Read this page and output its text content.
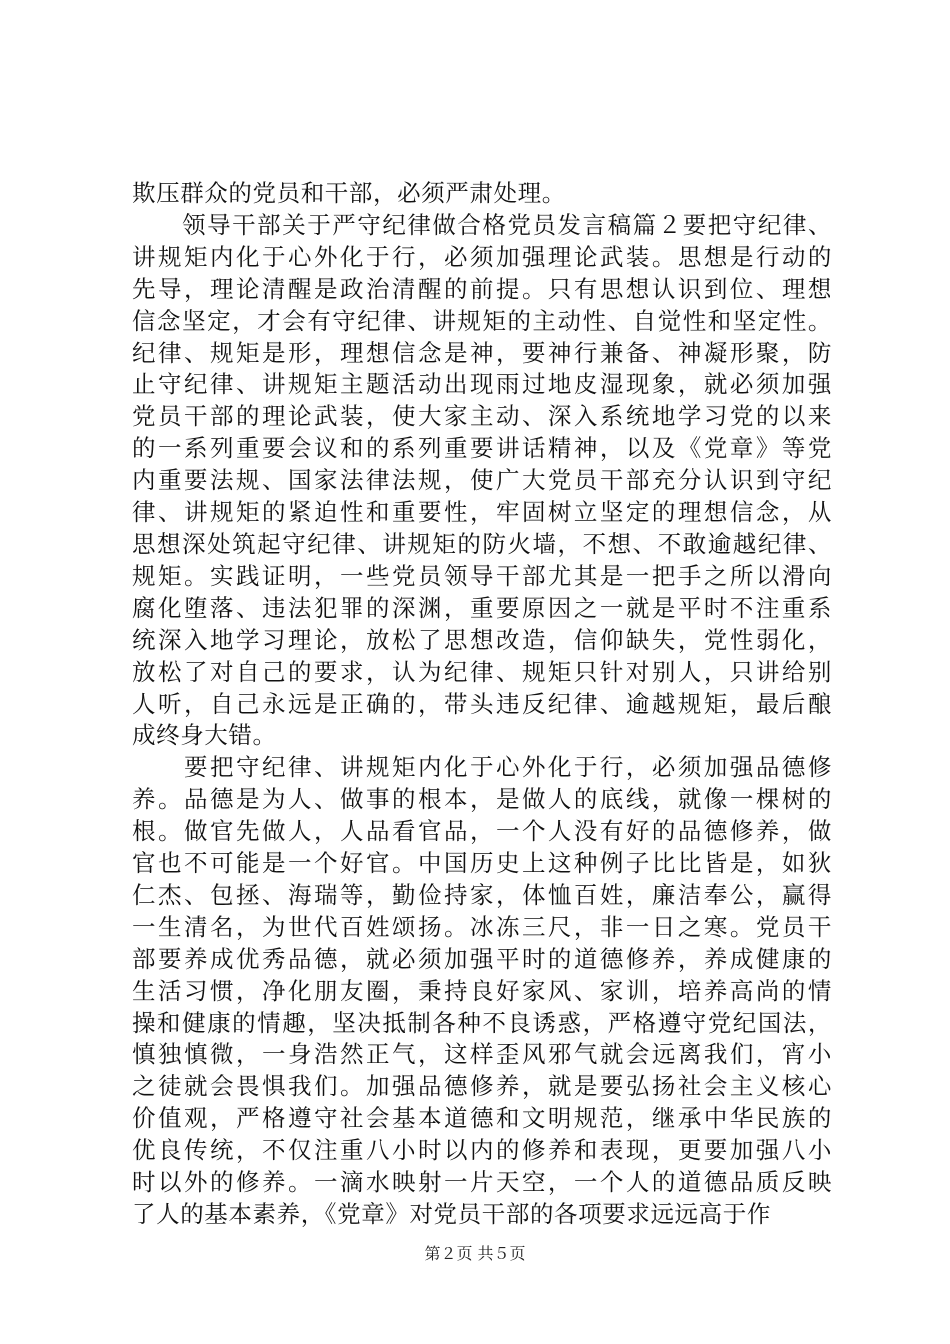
欺压群众的党员和干部，必须严肃处理。
　　领导干部关于严守纪律做合格党员发言稿篇２要把守纪律、
讲规矩内化于心外化于行，必须加强理论武装。思想是行动的
先导，理论清醒是政治清醒的前提。只有思想认识到位、理想
信念坚定，才会有守纪律、讲规矩的主动性、自觉性和坚定性。
纪律、规矩是形，理想信念是神，要神行兼备、神凝形聚，防
止守纪律、讲规矩主题活动出现雨过地皮湿现象，就必须加强
党员干部的理论武装，使大家主动、深入系统地学习党的以来
的一系列重要会议和的系列重要讲话精神，以及《党章》等党
内重要法规、国家法律法规，使广大党员干部充分认识到守纪
律、讲规矩的紧迫性和重要性，牢固树立坚定的理想信念，从
思想深处筑起守纪律、讲规矩的防火墙，不想、不敢逾越纪律、
规矩。实践证明，一些党员领导干部尤其是一把手之所以滑向
腐化堕落、违法犯罪的深渊，重要原因之一就是平时不注重系
统深入地学习理论，放松了思想改造，信仰缺失，党性弱化，
放松了对自己的要求，认为纪律、规矩只针对别人，只讲给别
人听，自己永远是正确的，带头违反纪律、逾越规矩，最后酿
成终身大错。
　　要把守纪律、讲规矩内化于心外化于行，必须加强品德修
养。品德是为人、做事的根本，是做人的底线，就像一棵树的
根。做官先做人，人品看官品，一个人没有好的品德修养，做
官也不可能是一个好官。中国历史上这种例子比比皆是，如狄
仁杰、包拯、海瑞等，勤俭持家，体恤百姓，廉洁奉公，赢得
一生清名，为世代百姓颂扬。冰冻三尺，非一日之寒。党员干
部要养成优秀品德，就必须加强平时的道德修养，养成健康的
生活习惯，净化朋友圈，秉持良好家风、家训，培养高尚的情
操和健康的情趣，坚决抵制各种不良诱惑，严格遵守党纪国法，
慎独慎微，一身浩然正气，这样歪风邪气就会远离我们，宵小
之徒就会畏惧我们。加强品德修养，就是要弘扬社会主义核心
价值观，严格遵守社会基本道德和文明规范，继承中华民族的
优良传统，不仅注重八小时以内的修养和表现，更要加强八小
时以外的修养。一滴水映射一片天空，一个人的道德品质反映
了人的基本素养，《党章》对党员干部的各项要求远远高于作
第２页 共５页
